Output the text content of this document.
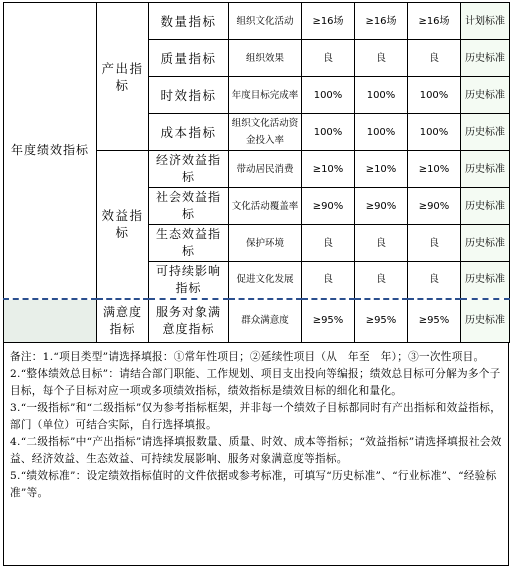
年度绩效指标	产出指标	数量指标	组织文化活动	≥16场	≥16场	≥16场	计划标准
		质量指标	组织效果	良	良	良	历史标准
		时效指标	年度目标完成率	100%	100%	100%	历史标准
		成本指标	组织文化活动资金投入率	100%	100%	100%	历史标准
	效益指标	经济效益指标	带动居民消费	≥10%	≥10%	≥10%	历史标准
		社会效益指标	文化活动覆盖率	≥90%	≥90%	≥90%	历史标准
		生态效益指标	保护环境	良	良	良	历史标准
		可持续影响指标	促进文化发展	良	良	良	历史标准
	满意度指标	服务对象满意度指标	群众满意度	≥95%	≥95%	≥95%	历史标准

备注：1.“项目类型”请选择填报：①常年性项目；②延续性项目（从　年至　年）；③一次性项目。

2.“整体绩效总目标”：请结合部门职能、工作规划、项目支出投向等编报；绩效总目标可分解为多个子目标，每个子目标对应一项或多项绩效指标，绩效指标是绩效目标的细化和量化。

3.“一级指标”和“二级指标”仅为参考指标框架，并非每一个绩效子目标都同时有产出指标和效益指标，部门（单位）可结合实际，自行选择填报。

4.“二级指标”中“产出指标”请选择填报数量、质量、时效、成本等指标；“效益指标”请选择填报社会效益、经济效益、生态效益、可持续发展影响、服务对象满意度等指标。

5.“绩效标准”：设定绩效指标值时的文件依据或参考标准，可填写“历史标准”、“行业标准”、“经验标准”等。
